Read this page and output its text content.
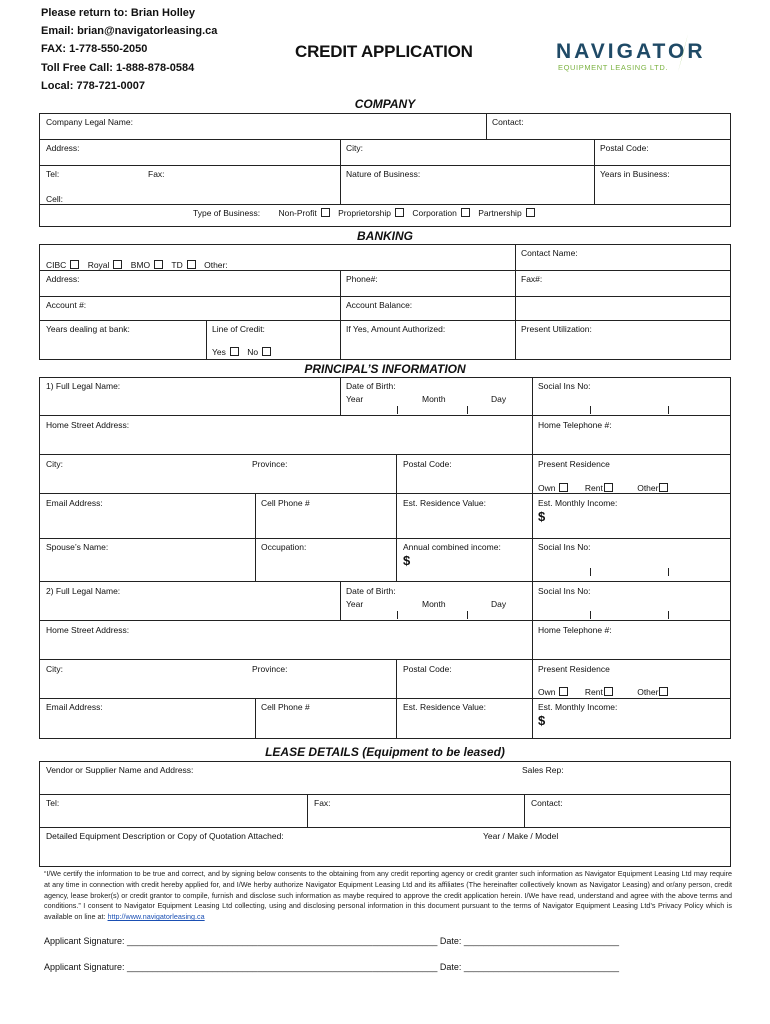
Please return to: Brian Holley
Email: brian@navigatorleasing.ca
FAX: 1-778-550-2050
Toll Free Call: 1-888-878-0584
Local: 778-721-0007
CREDIT APPLICATION	NAVIGATOR
EQUIPMENT LEASING LTD.
COMPANY
Company Legal Name:	Contact:
Address:	City:	Postal Code:
Tel:	Fax:	Nature of Business:	Years in Business:
Cell:
Type of Business: Non-Profit	Proprietorship	Corporation	Partnership
BANKING
Contact Name:
CIBC	Royal	BMO TD	Other:
Address:	Phone#:	Fax#:
Account #:	Account Balance:
Years dealing at bank:	Line of Credit:	If Yes, Amount Authorized:	Present Utilization:
Yes	No
PRINCIPAL’S INFORMATION
1) Full Legal Name:	Date of Birth:
Year	Month	Day
Social Ins No:
Home Street Address:	Home Telephone #:
City:	Province:	Postal Code:	Present Residence
Own	Rent	Other
Email Address:	Cell Phone #	Est. Residence Value:	Est. Monthly Income:
$
Spouse’s Name:	Occupation:	Annual combined income:
$
Social Ins No:
2) Full Legal Name:	Date of Birth:
Year	Month	Day
Social Ins No:
Home Street Address:	Home Telephone #:
City:	Province:	Postal Code:	Present Residence
Own	Rent	Other
Email Address:	Cell Phone #	Est. Residence Value:	Est. Monthly Income:
$
LEASE DETAILS (Equipment to be leased)
Vendor or Supplier Name and Address:	Sales Rep:
Tel:	Fax:	Contact:
Detailed Equipment Description or Copy of Quotation Attached:	Year / Make / Model
“I/We certify the information to be true and correct, and by signing below consents to the obtaining from any credit reporting agency or credit granter such information as Navigator Equipment Leasing Ltd may require at any time in connection with credit hereby applied for, and I/We herby authorize Navigator Equipment Leasing Ltd and its affiliates (The hereinafter collectively known as Navigator Leasing) and or/any person, credit agency, lease broker(s) or credit grantor to compile, furnish and disclose such information as maybe required to approve the credit application herein. I/We have read, understand and agree with the above terms and conditions.” I consent to Navigator Equipment Leasing Ltd collecting, using and disclosing personal information in this document pursuant to the terms of Navigator Equipment Leasing Ltd’s Privacy Policy which is available on line at: http://www.navigatorleasing.ca
Applicant Signature: ______________________________________________________________ Date: _______________________________
Applicant Signature: ______________________________________________________________ Date: _______________________________
